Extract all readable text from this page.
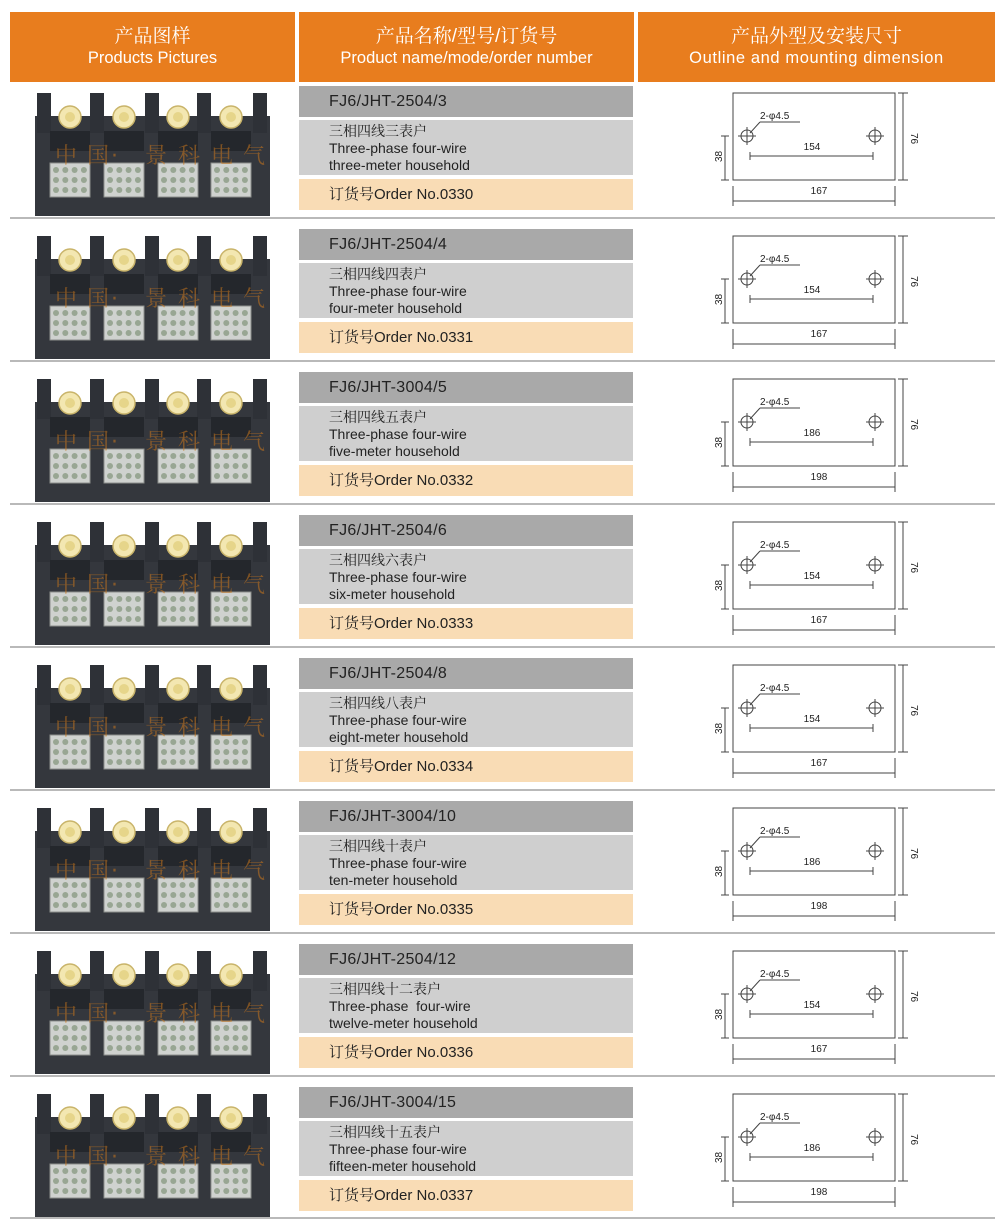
产品图样
Products Pictures
产品名称/型号/订货号
Product name/mode/order number
产品外型及安装尺寸
Outline and mounting dimension
中 国 · 景 科 电 气
FJ6/JHT-2504/3
三相四线三表户
Three-phase four-wire
three-meter household
订货号Order No.0330
2-φ4.5
154
167
76
38
中 国 · 景 科 电 气
FJ6/JHT-2504/4
三相四线四表户
Three-phase four-wire
four-meter household
订货号Order No.0331
2-φ4.5
154
167
76
38
中 国 · 景 科 电 气
FJ6/JHT-3004/5
三相四线五表户
Three-phase four-wire
five-meter household
订货号Order No.0332
2-φ4.5
186
198
76
38
中 国 · 景 科 电 气
FJ6/JHT-2504/6
三相四线六表户
Three-phase four-wire
six-meter household
订货号Order No.0333
2-φ4.5
154
167
76
38
中 国 · 景 科 电 气
FJ6/JHT-2504/8
三相四线八表户
Three-phase four-wire
eight-meter household
订货号Order No.0334
2-φ4.5
154
167
76
38
中 国 · 景 科 电 气
FJ6/JHT-3004/10
三相四线十表户
Three-phase four-wire
ten-meter household
订货号Order No.0335
2-φ4.5
186
198
76
38
中 国 · 景 科 电 气
FJ6/JHT-2504/12
三相四线十二表户
Three-phase  four-wire
twelve-meter household
订货号Order No.0336
2-φ4.5
154
167
76
38
中 国 · 景 科 电 气
FJ6/JHT-3004/15
三相四线十五表户
Three-phase four-wire
fifteen-meter household
订货号Order No.0337
2-φ4.5
186
198
76
38
